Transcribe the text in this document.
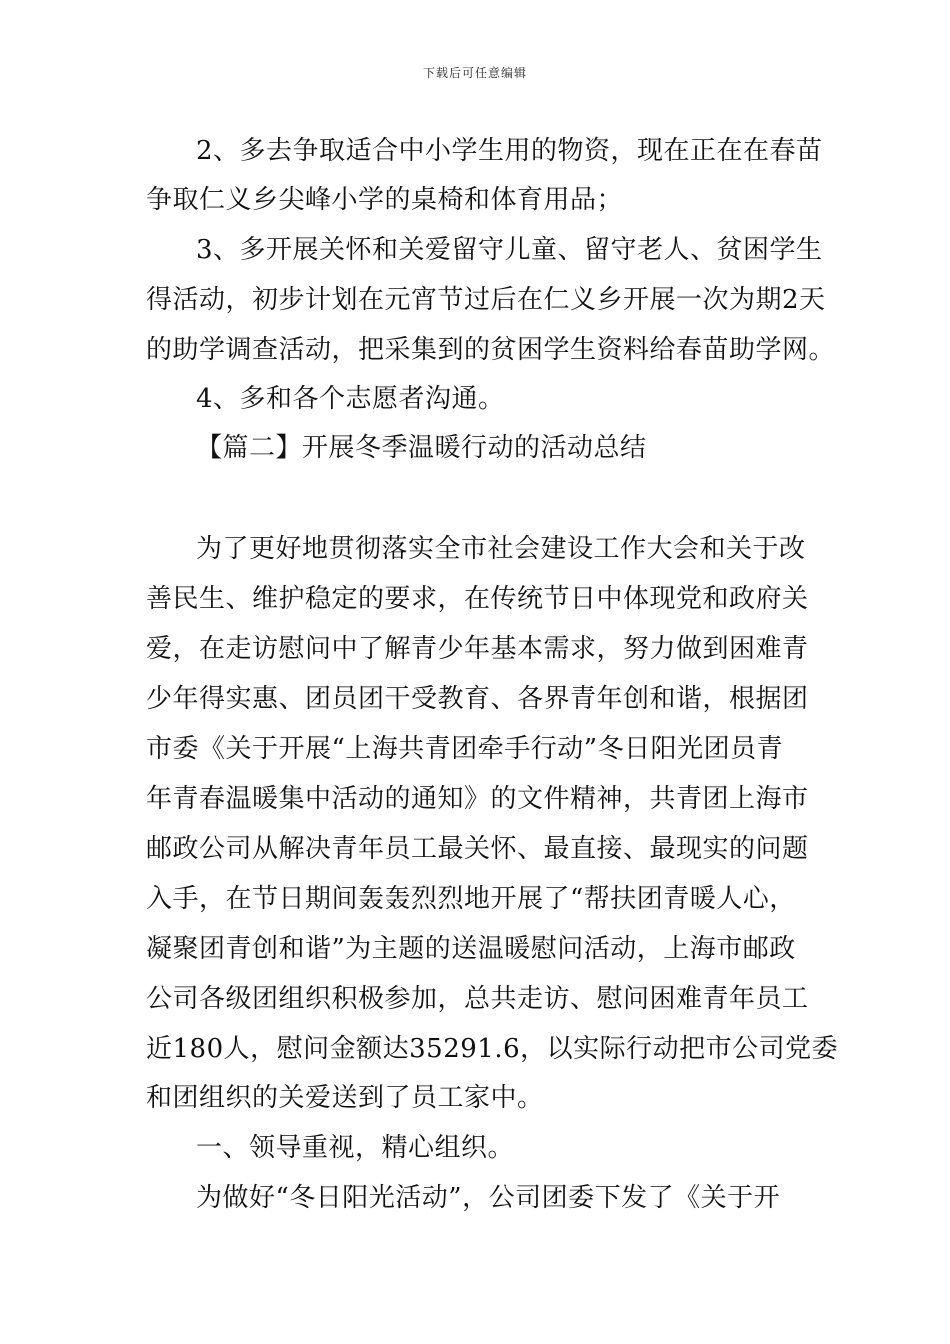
下载后可任意编辑
2、多去争取适合中小学生用的物资，现在正在在春苗
争取仁义乡尖峰小学的桌椅和体育用品；
3、多开展关怀和关爱留守儿童、留守老人、贫困学生
得活动，初步计划在元宵节过后在仁义乡开展一次为期2天
的助学调查活动，把采集到的贫困学生资料给春苗助学网。
4、多和各个志愿者沟通。
【篇二】开展冬季温暖行动的活动总结
为了更好地贯彻落实全市社会建设工作大会和关于改
善民生、维护稳定的要求，在传统节日中体现党和政府关
爱，在走访慰问中了解青少年基本需求，努力做到困难青
少年得实惠、团员团干受教育、各界青年创和谐，根据团
市委《关于开展“上海共青团牵手行动”冬日阳光团员青
年青春温暖集中活动的通知》的文件精神，共青团上海市
邮政公司从解决青年员工最关怀、最直接、最现实的问题
入手，在节日期间轰轰烈烈地开展了“帮扶团青暖人心，
凝聚团青创和谐”为主题的送温暖慰问活动，上海市邮政
公司各级团组织积极参加，总共走访、慰问困难青年员工
近180人，慰问金额达35291.6，以实际行动把市公司党委
和团组织的关爱送到了员工家中。
一、领导重视，精心组织。
为做好“冬日阳光活动”，公司团委下发了《关于开
